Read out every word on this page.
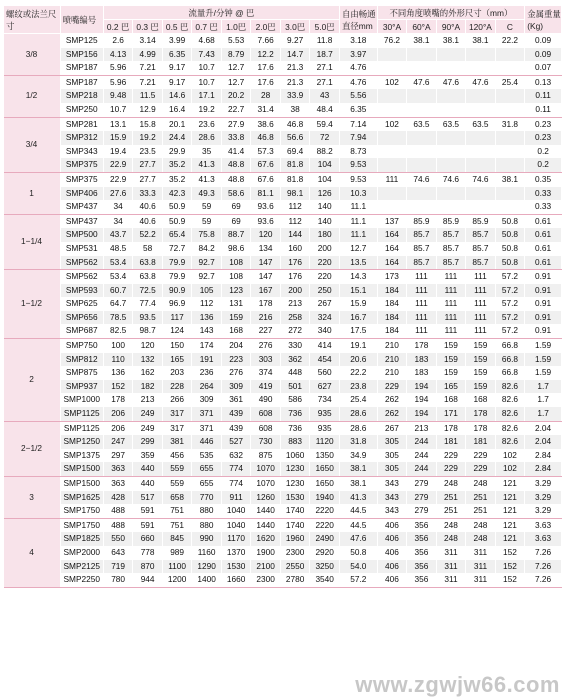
螺纹或法兰尺寸	喷嘴编号	流量升/分钟 @ 巴								自由畅通直径mm	不同角度喷嘴的外形尺寸（mm）					金属重量(Kg)
		0.2 巴	0.3 巴	0.5 巴	0.7 巴	1.0巴	2.0巴	3.0巴	5.0巴		30°A	60°A	90°A	120°A	C	
3/8	SMP125	2.6	3.14	3.99	4.68	5.53	7.66	9.27	11.8	3.18	76.2	38.1	38.1	38.1	22.2	0.09
	SMP156	4.13	4.99	6.35	7.43	8.79	12.2	14.7	18.7	3.97						0.09
	SMP187	5.96	7.21	9.17	10.7	12.7	17.6	21.3	27.1	4.76						0.07
1/2	SMP187	5.96	7.21	9.17	10.7	12.7	17.6	21.3	27.1	4.76	102	47.6	47.6	47.6	25.4	0.13
	SMP218	9.48	11.5	14.6	17.1	20.2	28	33.9	43	5.56						0.11
	SMP250	10.7	12.9	16.4	19.2	22.7	31.4	38	48.4	6.35						0.11
3/4	SMP281	13.1	15.8	20.1	23.6	27.9	38.6	46.8	59.4	7.14	102	63.5	63.5	63.5	31.8	0.23
	SMP312	15.9	19.2	24.4	28.6	33.8	46.8	56.6	72	7.94						0.23
	SMP343	19.4	23.5	29.9	35	41.4	57.3	69.4	88.2	8.73						0.2
	SMP375	22.9	27.7	35.2	41.3	48.8	67.6	81.8	104	9.53						0.2
1	SMP375	22.9	27.7	35.2	41.3	48.8	67.6	81.8	104	9.53	111	74.6	74.6	74.6	38.1	0.35
	SMP406	27.6	33.3	42.3	49.3	58.6	81.1	98.1	126	10.3						0.33
	SMP437	34	40.6	50.9	59	69	93.6	112	140	11.1						0.33
1−1/4	SMP437	34	40.6	50.9	59	69	93.6	112	140	11.1	137	85.9	85.9	85.9	50.8	0.61
	SMP500	43.7	52.2	65.4	75.8	88.7	120	144	180	11.1	164	85.7	85.7	85.7	50.8	0.61
	SMP531	48.5	58	72.7	84.2	98.6	134	160	200	12.7	164	85.7	85.7	85.7	50.8	0.61
	SMP562	53.4	63.8	79.9	92.7	108	147	176	220	13.5	164	85.7	85.7	85.7	50.8	0.61
1−1/2	SMP562	53.4	63.8	79.9	92.7	108	147	176	220	14.3	173	111	111	111	57.2	0.91
	SMP593	60.7	72.5	90.9	105	123	167	200	250	15.1	184	111	111	111	57.2	0.91
	SMP625	64.7	77.4	96.9	112	131	178	213	267	15.9	184	111	111	111	57.2	0.91
	SMP656	78.5	93.5	117	136	159	216	258	324	16.7	184	111	111	111	57.2	0.91
	SMP687	82.5	98.7	124	143	168	227	272	340	17.5	184	111	111	111	57.2	0.91
2	SMP750	100	120	150	174	204	276	330	414	19.1	210	178	159	159	66.8	1.59
	SMP812	110	132	165	191	223	303	362	454	20.6	210	183	159	159	66.8	1.59
	SMP875	136	162	203	236	276	374	448	560	22.2	210	183	159	159	66.8	1.59
	SMP937	152	182	228	264	309	419	501	627	23.8	229	194	165	159	82.6	1.7
	SMP1000	178	213	266	309	361	490	586	734	25.4	262	194	168	168	82.6	1.7
	SMP1125	206	249	317	371	439	608	736	935	28.6	262	194	171	178	82.6	1.7
2−1/2	SMP1125	206	249	317	371	439	608	736	935	28.6	267	213	178	178	82.6	2.04
	SMP1250	247	299	381	446	527	730	883	1120	31.8	305	244	181	181	82.6	2.04
	SMP1375	297	359	456	535	632	875	1060	1350	34.9	305	244	229	229	102	2.84
	SMP1500	363	440	559	655	774	1070	1230	1650	38.1	305	244	229	229	102	2.84
3	SMP1500	363	440	559	655	774	1070	1230	1650	38.1	343	279	248	248	121	3.29
	SMP1625	428	517	658	770	911	1260	1530	1940	41.3	343	279	251	251	121	3.29
	SMP1750	488	591	751	880	1040	1440	1740	2220	44.5	343	279	251	251	121	3.29
4	SMP1750	488	591	751	880	1040	1440	1740	2220	44.5	406	356	248	248	121	3.63
	SMP1825	550	660	845	990	1170	1620	1960	2490	47.6	406	356	248	248	121	3.63
	SMP2000	643	778	989	1160	1370	1900	2300	2920	50.8	406	356	311	311	152	7.26
	SMP2125	719	870	1100	1290	1530	2100	2550	3250	54.0	406	356	311	311	152	7.26
	SMP2250	780	944	1200	1400	1660	2300	2780	3540	57.2	406	356	311	311	152	7.26
www.zgwjw66.com
